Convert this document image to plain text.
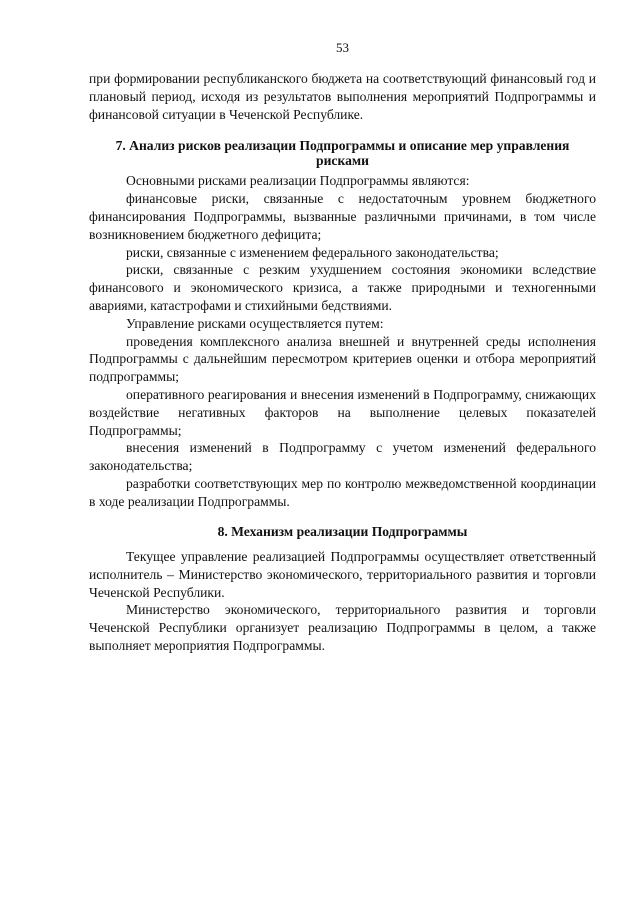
53

при формировании республиканского бюджета на соответствующий финансовый год и плановый период, исходя из результатов выполнения мероприятий Подпрограммы и финансовой ситуации в Чеченской Республике.

7. Анализ рисков реализации Подпрограммы и описание мер управления рисками

Основными рисками реализации Подпрограммы являются:

финансовые риски, связанные с недостаточным уровнем бюджетного финансирования Подпрограммы, вызванные различными причинами, в том числе возникновением бюджетного дефицита;

риски, связанные с изменением федерального законодательства;

риски, связанные с резким ухудшением состояния экономики вследствие финансового и экономического кризиса, а также природными и техногенными авариями, катастрофами и стихийными бедствиями.

Управление рисками осуществляется путем:

проведения комплексного анализа внешней и внутренней среды исполнения Подпрограммы с дальнейшим пересмотром критериев оценки и отбора мероприятий подпрограммы;

оперативного реагирования и внесения изменений в Подпрограмму, снижающих воздействие негативных факторов на выполнение целевых показателей Подпрограммы;

внесения изменений в Подпрограмму с учетом изменений федерального законодательства;

разработки соответствующих мер по контролю межведомственной координации в ходе реализации Подпрограммы.

8. Механизм реализации Подпрограммы

Текущее управление реализацией Подпрограммы осуществляет ответственный исполнитель – Министерство экономического, территориального развития и торговли Чеченской Республики.

Министерство экономического, территориального развития и торговли Чеченской Республики организует реализацию Подпрограммы в целом, а также выполняет мероприятия Подпрограммы.
